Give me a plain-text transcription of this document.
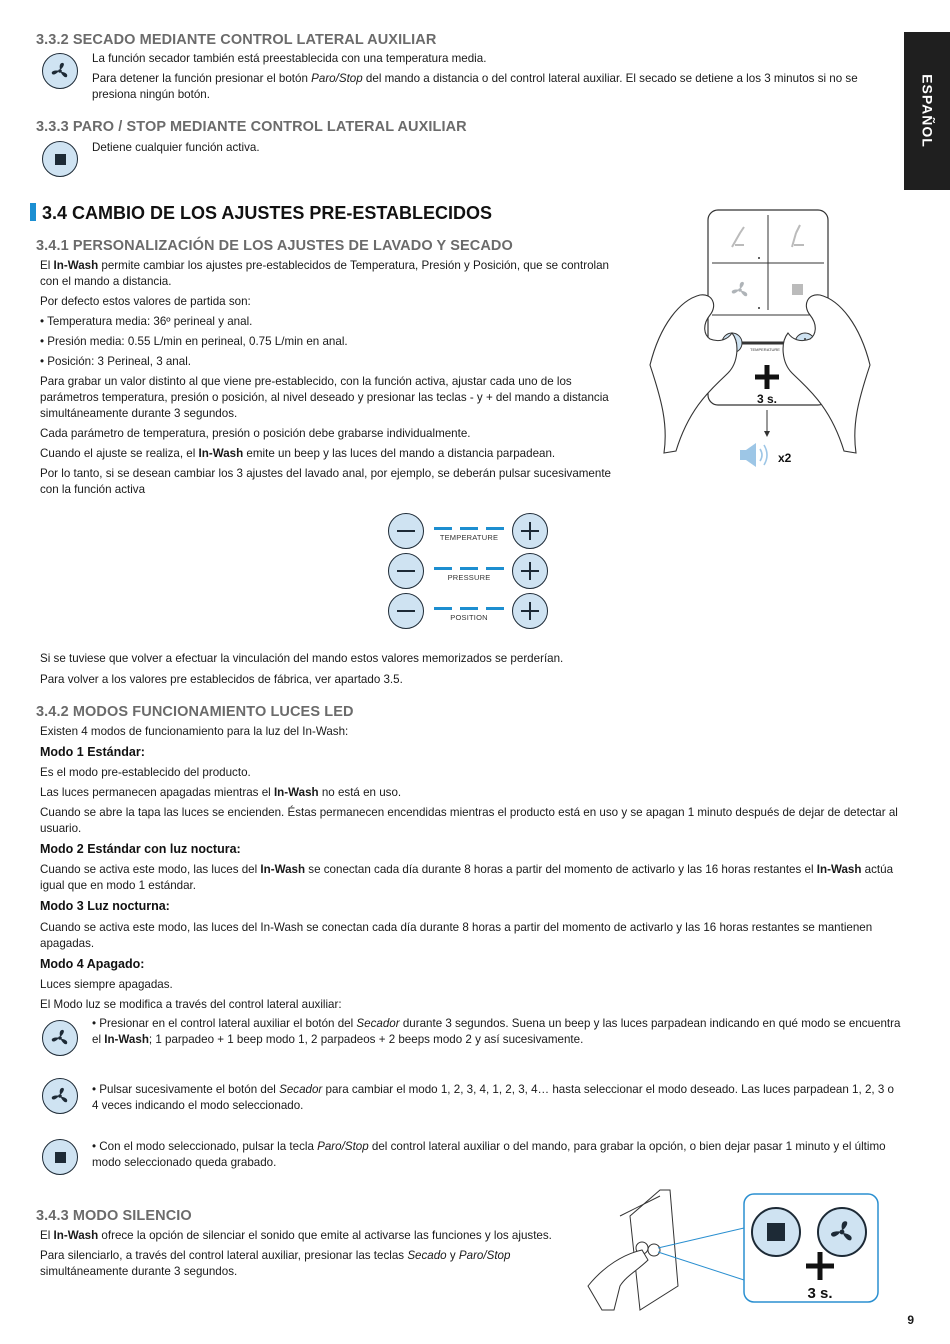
ESPAÑOL
3.3.2 SECADO MEDIANTE CONTROL LATERAL AUXILIAR

La función secador también está preestablecida con una temperatura media.

Para detener la función presionar el botón Paro/Stop del mando a distancia o del control lateral auxiliar. El secado se detiene a los 3 minutos si no se presiona ningún botón.

3.3.3 PARO / STOP MEDIANTE CONTROL LATERAL AUXILIAR
Detiene cualquier función activa.
3.4 CAMBIO DE LOS AJUSTES PRE-ESTABLECIDOS
3.4.1 PERSONALIZACIÓN DE LOS AJUSTES DE LAVADO Y SECADO

El In-Wash permite cambiar los ajustes pre-establecidos de Temperatura, Presión y Posición, que se controlan con el mando a distancia.

Por defecto estos valores de partida son:

• Temperatura media: 36º perineal y anal.

• Presión media: 0.55 L/min en perineal, 0.75 L/min en anal.

• Posición: 3 Perineal, 3 anal.

Para grabar un valor distinto al que viene pre-establecido, con la función activa, ajustar cada uno de los parámetros temperatura, presión o posición, al nivel deseado y presionar las teclas - y + del mando a distancia simultáneamente durante 3 segundos.

Cada parámetro de temperatura, presión o posición debe grabarse individualmente.

Cuando el ajuste se realiza, el In-Wash emite un beep y las luces del mando a distancia parpadean.

Por lo tanto, si se desean cambiar los 3 ajustes del lavado anal, por ejemplo, se deberán pulsar sucesivamente con la función activa

TEMPERATURE
3 s.
x2
TEMPERATURE
PRESSURE
POSITION

Si se tuviese que volver a efectuar la vinculación del mando estos valores memorizados se perderían.

Para volver a los valores pre establecidos de fábrica, ver apartado 3.5.

3.4.2 MODOS FUNCIONAMIENTO LUCES LED

Existen 4 modos de funcionamiento para la luz del In-Wash:

Modo 1 Estándar:

Es el modo pre-establecido del producto.

Las luces permanecen apagadas mientras el In-Wash no está en uso.

Cuando se abre la tapa las luces se encienden. Éstas permanecen encendidas mientras el producto está en uso y se apagan 1 minuto después de dejar de detectar al usuario.

Modo 2 Estándar con luz noctura:

Cuando se activa este modo, las luces del In-Wash se conectan cada día durante 8 horas a partir del momento de activarlo y las 16 horas restantes el In-Wash actúa igual que en modo 1 estándar.

Modo 3 Luz nocturna:

Cuando se activa este modo, las luces del In-Wash se conectan cada día durante 8 horas a partir del momento de activarlo y las 16 horas restantes se mantienen apagadas.

Modo 4 Apagado:

Luces siempre apagadas.

El Modo luz se modifica a través del control lateral auxiliar:

• Presionar en el control lateral auxiliar el botón del Secador durante 3 segundos. Suena un beep y las luces parpadean indicando en qué modo se encuentra el In-Wash; 1 parpadeo + 1 beep modo 1, 2 parpadeos + 2 beeps modo 2 y así sucesivamente.
• Pulsar sucesivamente el botón del Secador para cambiar el modo 1, 2, 3, 4, 1, 2, 3, 4… hasta seleccionar el modo deseado. Las luces parpadean 1, 2, 3 o 4 veces indicando el modo seleccionado.
• Con el modo seleccionado, pulsar la tecla Paro/Stop del control lateral auxiliar o del mando, para grabar la opción, o bien dejar pasar 1 minuto y el último modo seleccionado queda grabado.
3.4.3 MODO SILENCIO

El In-Wash ofrece la opción de silenciar el sonido que emite al activarse las funciones y los ajustes.

Para silenciarlo, a través del control lateral auxiliar, presionar las teclas Secado y Paro/Stop simultáneamente durante 3 segundos.

3 s.
9
